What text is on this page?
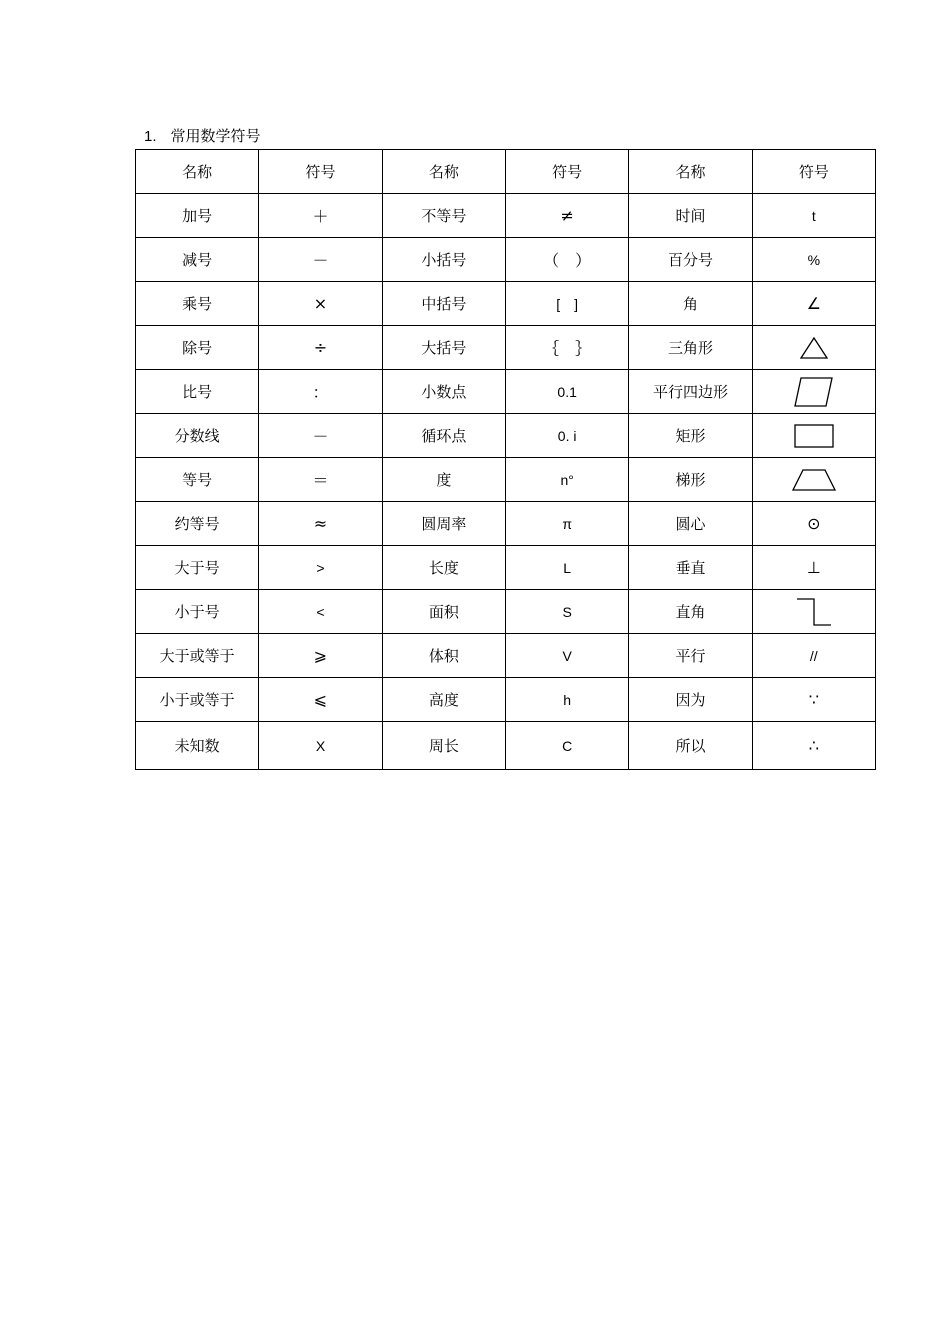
1. 常用数学符号
名称	符号	名称	符号	名称	符号
加号	＋	不等号	≠	时间	t
减号	－	小括号	（　）	百分号	%
乘号	×	中括号	[　]	角	∠
除号	÷	大括号	｛　｝	三角形	

比号	：	小数点	0.1	平行四边形	

分数线	－	循环点	0. i	矩形	

等号	＝	度	n°	梯形	

约等号	≈	圆周率	π	圆心	⊙
大于号	>	长度	L	垂直	⊥
小于号	<	面积	S	直角	

大于或等于	⩾	体积	V	平行	//
小于或等于	⩽	高度	h	因为	∵
未知数	X	周长	C	所以	∴
